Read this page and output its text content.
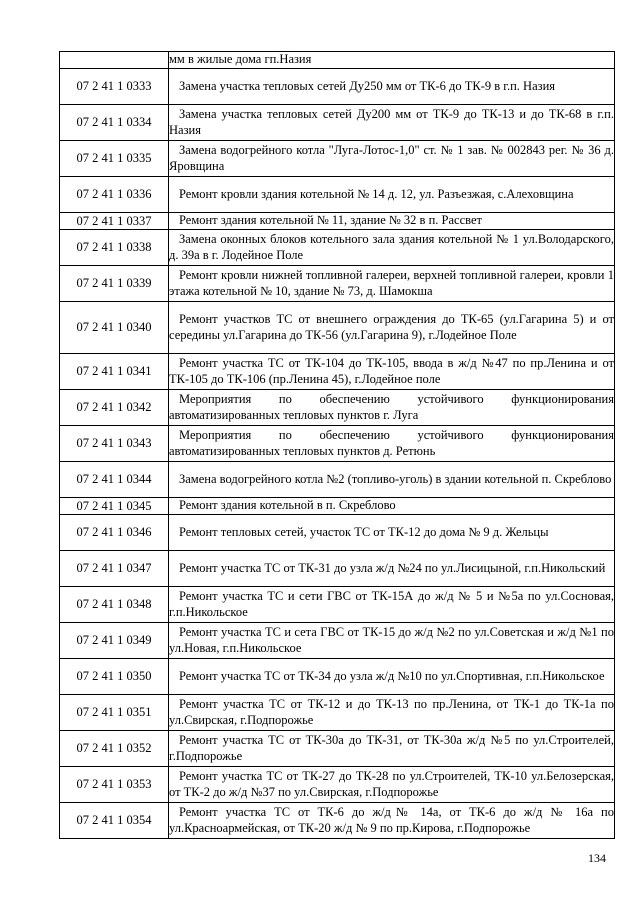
	мм в жилые дома гп.Назия

07 2 41 1 0333	Замена участка тепловых сетей Ду250 мм от ТК-6 до ТК-9 в г.п. Назия

07 2 41 1 0334	Замена участка тепловых сетей Ду200 мм от ТК-9 до ТК-13 и до ТК-68 в г.п. Назия

07 2 41 1 0335	Замена водогрейного котла "Луга-Лотос-1,0" ст. № 1 зав. № 002843 рег. № 36 д. Яровщина

07 2 41 1 0336	Ремонт кровли здания котельной № 14 д. 12, ул. Разъезжая, с.Алеховщина

07 2 41 1 0337	Ремонт здания котельной № 11, здание № 32 в п. Рассвет

07 2 41 1 0338	Замена оконных блоков котельного зала здания котельной № 1 ул.Володарского, д. 39а в г. Лодейное Поле

07 2 41 1 0339	Ремонт кровли нижней топливной галереи, верхней топливной галереи, кровли 1 этажа котельной № 10, здание № 73, д. Шамокша

07 2 41 1 0340	Ремонт участков ТС от внешнего ограждения до ТК-65 (ул.Гагарина 5) и от середины ул.Гагарина до ТК-56 (ул.Гагарина 9), г.Лодейное Поле

07 2 41 1 0341	Ремонт участка ТС от ТК-104 до ТК-105, ввода в ж/д №47 по пр.Ленина и от ТК-105 до ТК-106 (пр.Ленина 45), г.Лодейное поле

07 2 41 1 0342	Мероприятия по обеспечению устойчивого функционирования автоматизированных тепловых пунктов г. Луга

07 2 41 1 0343	Мероприятия по обеспечению устойчивого функционирования автоматизированных тепловых пунктов д. Ретюнь

07 2 41 1 0344	Замена водогрейного котла №2 (топливо-уголь) в здании котельной п. Скреблово

07 2 41 1 0345	Ремонт здания котельной в п. Скреблово

07 2 41 1 0346	Ремонт тепловых сетей, участок ТС от ТК-12 до дома № 9 д. Жельцы

07 2 41 1 0347	Ремонт участка ТС от ТК-31 до узла ж/д №24 по ул.Лисицыной, г.п.Никольский

07 2 41 1 0348	Ремонт участка ТС и сети ГВС от ТК-15А до ж/д № 5 и №5а по ул.Сосновая, г.п.Никольское

07 2 41 1 0349	Ремонт участка ТС и сета ГВС от ТК-15 до ж/д №2 по ул.Советская и ж/д №1 по ул.Новая, г.п.Никольское

07 2 41 1 0350	Ремонт участка ТС от ТК-34 до узла ж/д №10 по ул.Спортивная, г.п.Никольское

07 2 41 1 0351	Ремонт участка ТС от ТК-12 и до ТК-13 по пр.Ленина, от ТК-1 до ТК-1а по ул.Свирская, г.Подпорожье

07 2 41 1 0352	Ремонт участка ТС от ТК-30а до ТК-31, от ТК-30а ж/д №5 по ул.Строителей, г.Подпорожье

07 2 41 1 0353	Ремонт участка ТС от ТК-27 до ТК-28 по ул.Строителей, ТК-10 ул.Белозерская, от ТК-2 до ж/д №37 по ул.Свирская, г.Подпорожье

07 2 41 1 0354	Ремонт участка ТС от ТК-6 до ж/д№ 14а, от ТК-6 до ж/д № 16а по ул.Красноармейская, от ТК-20 ж/д № 9 по пр.Кирова, г.Подпорожье
134
